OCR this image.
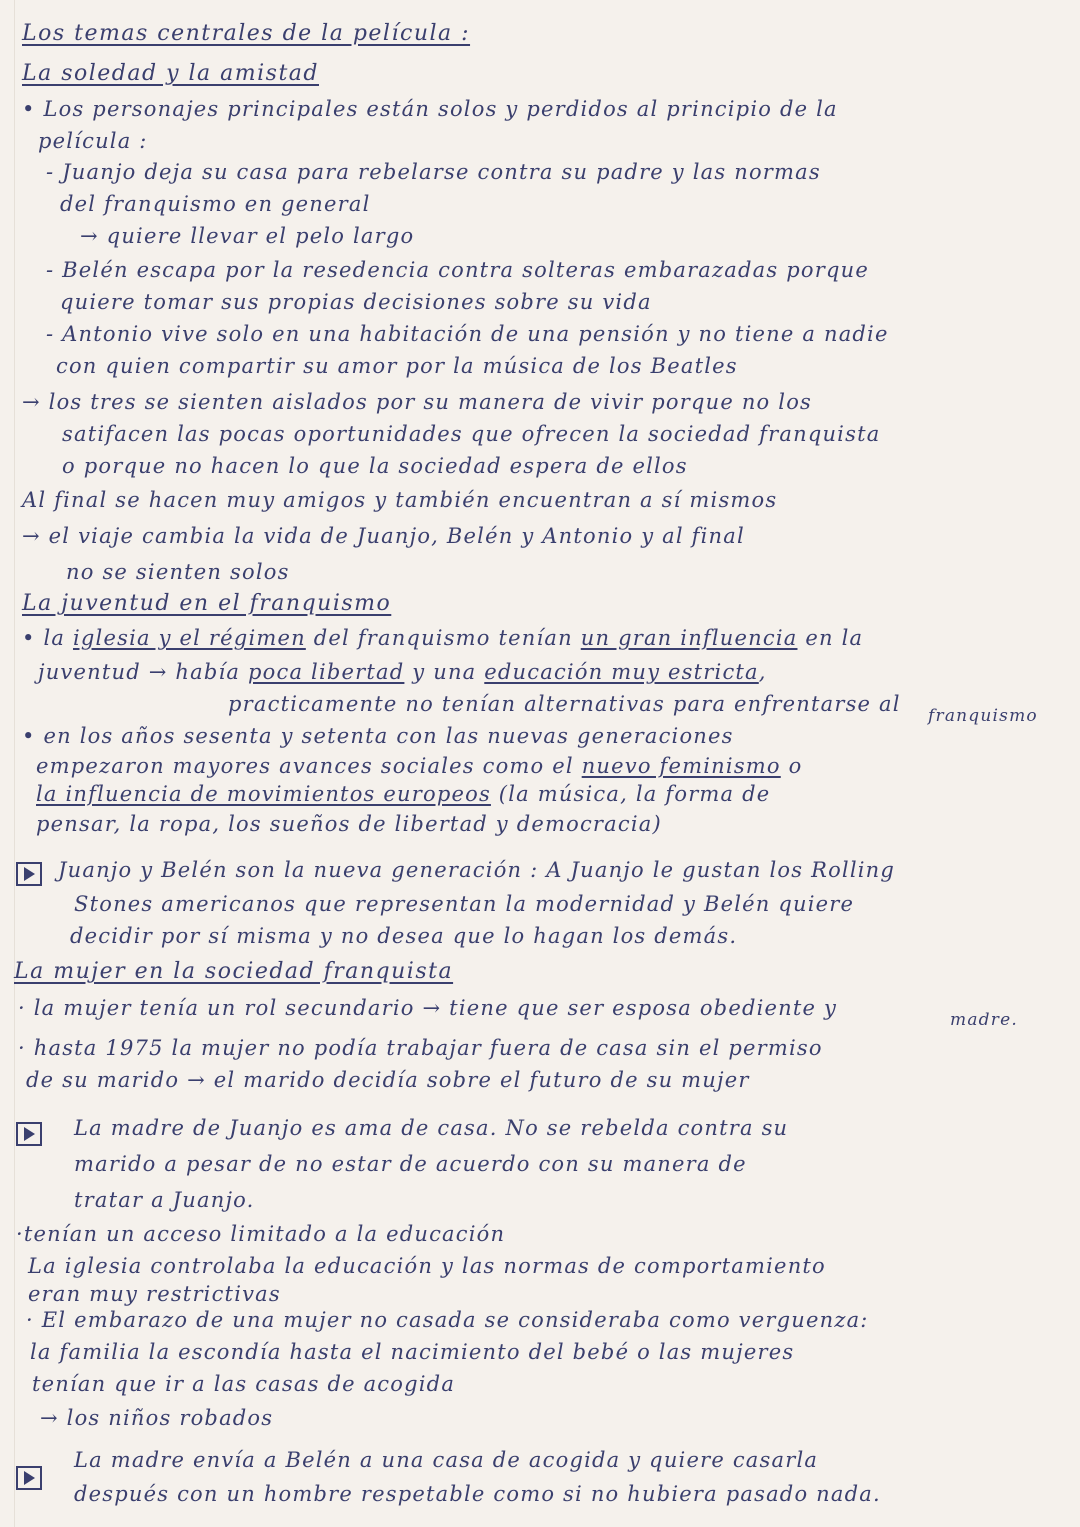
Los temas centrales de la película :
La soledad y la amistad
• Los personajes principales están solos y perdidos al principio de la
película :
- Juanjo deja su casa para rebelarse contra su padre y las normas
del franquismo en general
→ quiere llevar el pelo largo
- Belén escapa por la resedencia contra solteras embarazadas porque
quiere tomar sus propias decisiones sobre su vida
- Antonio vive solo en una habitación de una pensión y no tiene a nadie
con quien compartir su amor por la música de los Beatles
→ los tres se sienten aislados por su manera de vivir porque no los
satifacen las pocas oportunidades que ofrecen la sociedad franquista
o porque no hacen lo que la sociedad espera de ellos
Al final se hacen muy amigos y también encuentran a sí mismos
→ el viaje cambia la vida de Juanjo, Belén y Antonio y al final
no se sienten solos
La juventud en el franquismo
• la iglesia y el régimen del franquismo tenían un gran influencia en la
juventud → había poca libertad y una educación muy estricta,
practicamente no tenían alternativas para enfrentarse al franquismo
• en los años sesenta y setenta con las nuevas generaciones
empezaron mayores avances sociales como el nuevo feminismo o
la influencia de movimientos europeos (la música, la forma de
pensar, la ropa, los sueños de libertad y democracia)
Juanjo y Belén son la nueva generación : A Juanjo le gustan los Rolling
Stones americanos que representan la modernidad y Belén quiere
decidir por sí misma y no desea que lo hagan los demás.
La mujer en la sociedad franquista
· la mujer tenía un rol secundario → tiene que ser esposa obediente y	madre.
· hasta 1975 la mujer no podía trabajar fuera de casa sin el permiso
de su marido → el marido decidía sobre el futuro de su mujer
La madre de Juanjo es ama de casa. No se rebelda contra su
marido a pesar de no estar de acuerdo con su manera de
tratar a Juanjo.
·tenían un acceso limitado a la educación
La iglesia controlaba la educación y las normas de comportamiento
eran muy restrictivas
· El embarazo de una mujer no casada se consideraba como verguenza:
la familia la escondía hasta el nacimiento del bebé o las mujeres
tenían que ir a las casas de acogida
→ los niños robados
La madre envía a Belén a una casa de acogida y quiere casarla
después con un hombre respetable como si no hubiera pasado nada.
